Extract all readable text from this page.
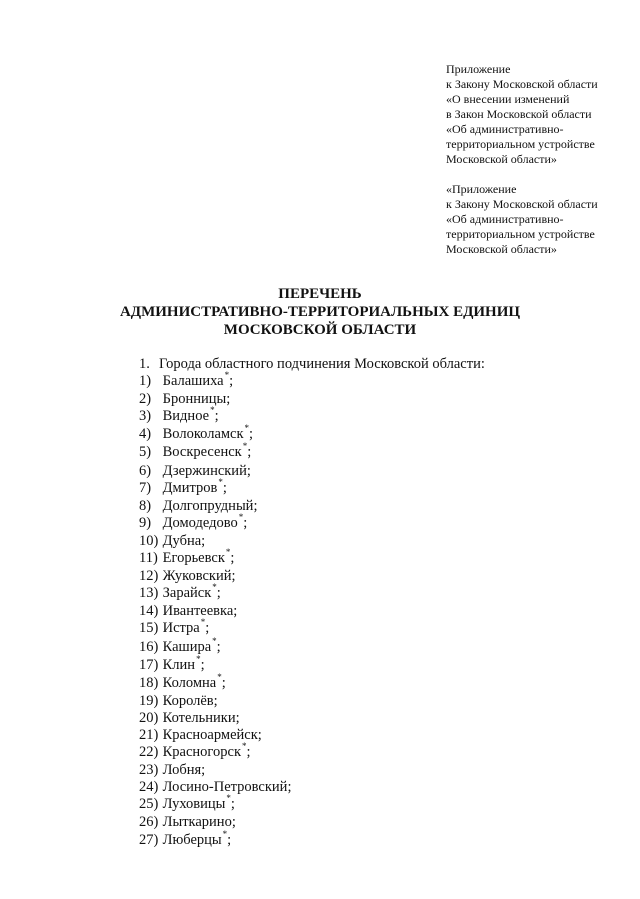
Приложение
к Закону Московской области
«О внесении изменений
в Закон Московской области
«Об административно-
территориальном устройстве
Московской области»
«Приложение
к Закону Московской области
«Об административно-
территориальном устройстве
Московской области»
ПЕРЕЧЕНЬ
АДМИНИСТРАТИВНО-ТЕРРИТОРИАЛЬНЫХ ЕДИНИЦ
МОСКОВСКОЙ ОБЛАСТИ
1. Города областного подчинения Московской области:
1) Балашиха*;
2) Бронницы;
3) Видное*;
4) Волоколамск*;
5) Воскресенск*;
6) Дзержинский;
7) Дмитров*;
8) Долгопрудный;
9) Домодедово*;
10) Дубна;
11) Егорьевск*;
12) Жуковский;
13) Зарайск*;
14) Ивантеевка;
15) Истра*;
16) Кашира*;
17) Клин*;
18) Коломна*;
19) Королёв;
20) Котельники;
21) Красноармейск;
22) Красногорск*;
23) Лобня;
24) Лосино-Петровский;
25) Луховицы*;
26) Лыткарино;
27) Люберцы*;
